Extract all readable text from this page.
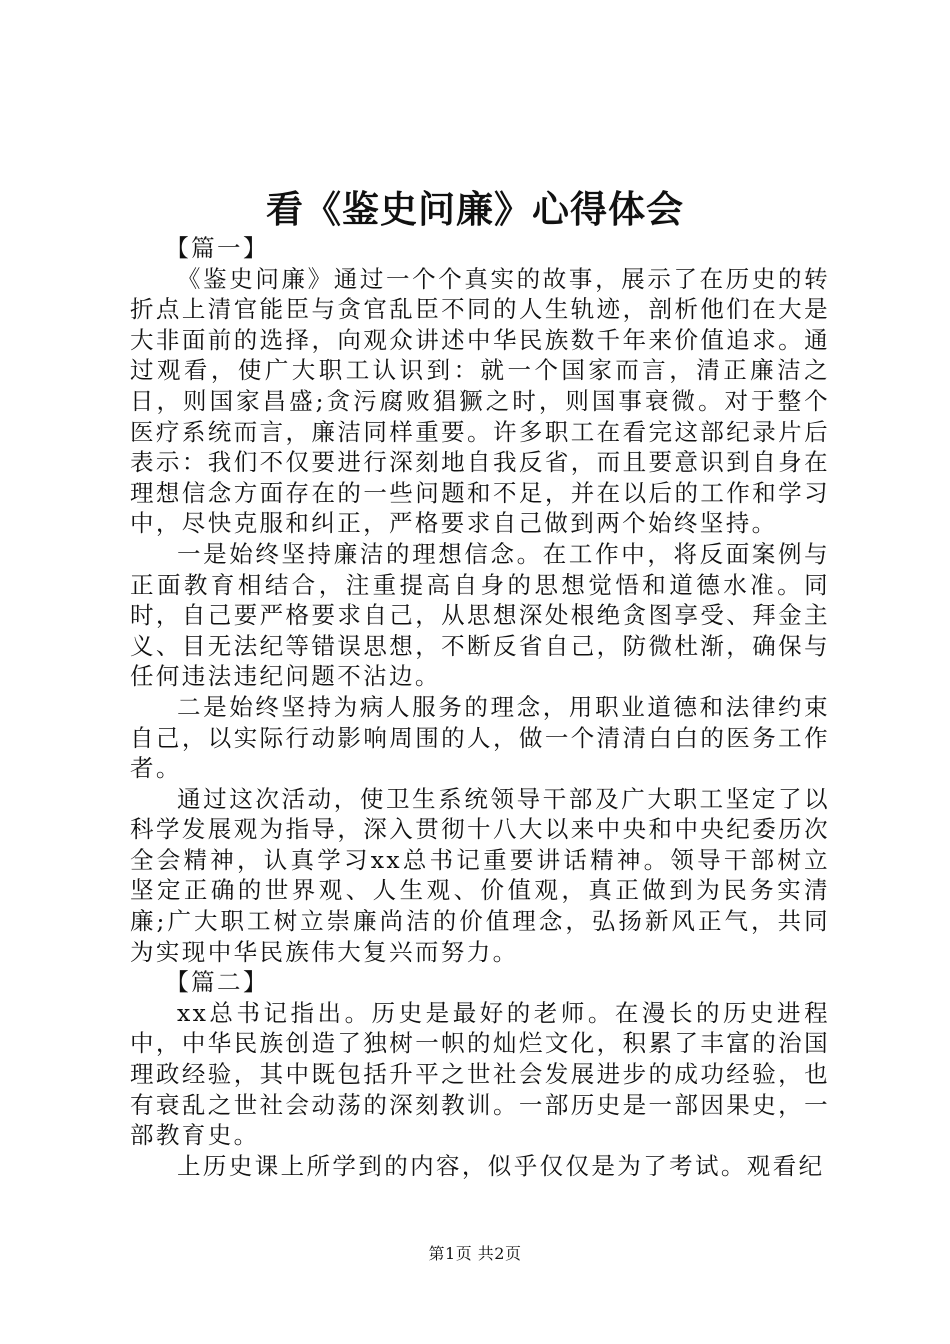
看《鉴史问廉》心得体会

【篇一】

《鉴史问廉》通过一个个真实的故事，展示了在历史的转折点上清官能臣与贪官乱臣不同的人生轨迹，剖析他们在大是大非面前的选择，向观众讲述中华民族数千年来价值追求。通过观看，使广大职工认识到：就一个国家而言，清正廉洁之日，则国家昌盛;贪污腐败猖獗之时，则国事衰微。对于整个医疗系统而言，廉洁同样重要。许多职工在看完这部纪录片后表示：我们不仅要进行深刻地自我反省，而且要意识到自身在理想信念方面存在的一些问题和不足，并在以后的工作和学习中，尽快克服和纠正，严格要求自己做到两个始终坚持。

一是始终坚持廉洁的理想信念。在工作中，将反面案例与正面教育相结合，注重提高自身的思想觉悟和道德水准。同时，自己要严格要求自己，从思想深处根绝贪图享受、拜金主义、目无法纪等错误思想，不断反省自己，防微杜渐，确保与任何违法违纪问题不沾边。

二是始终坚持为病人服务的理念，用职业道德和法律约束自己，以实际行动影响周围的人，做一个清清白白的医务工作者。

通过这次活动，使卫生系统领导干部及广大职工坚定了以科学发展观为指导，深入贯彻十八大以来中央和中央纪委历次全会精神，认真学习xx总书记重要讲话精神。领导干部树立坚定正确的世界观、人生观、价值观，真正做到为民务实清廉;广大职工树立崇廉尚洁的价值理念，弘扬新风正气，共同为实现中华民族伟大复兴而努力。

【篇二】

xx总书记指出。历史是最好的老师。在漫长的历史进程中，中华民族创造了独树一帜的灿烂文化，积累了丰富的治国理政经验，其中既包括升平之世社会发展进步的成功经验，也有衰乱之世社会动荡的深刻教训。一部历史是一部因果史，一部教育史。

上历史课上所学到的内容，似乎仅仅是为了考试。观看纪

第1页 共2页
